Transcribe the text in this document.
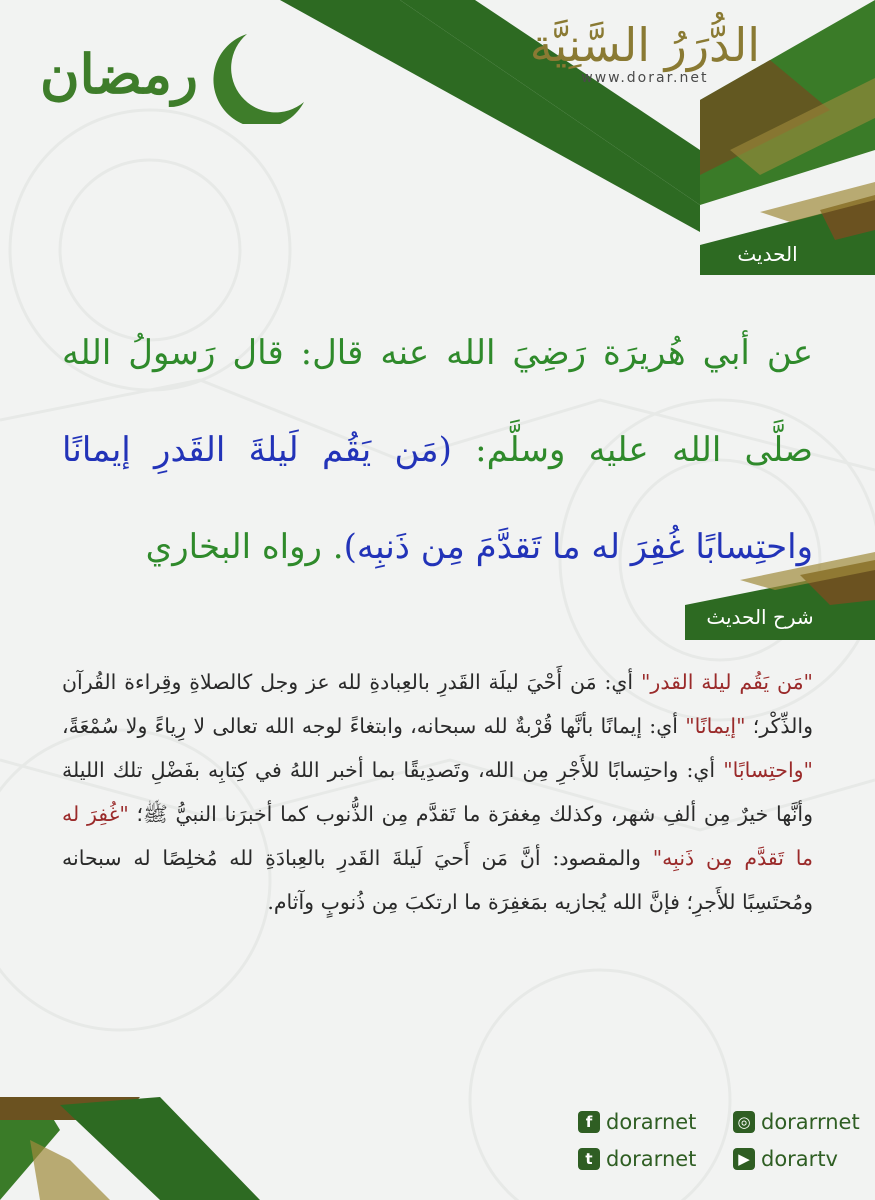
الدُّرَرُ السَّنِيَّة
www.dorar.net
رمضان
الحديث
شرح الحديث
عن أبي هُريرَة رَضِيَ الله عنه قال: قال رَسولُ الله صلَّى الله عليه وسلَّم: (مَن يَقُم لَيلةَ القَدرِ إيمانًا واحتِسابًا غُفِرَ له ما تَقدَّمَ مِن ذَنبِه). رواه البخاري
"مَن يَقُم ليلة القدر" أي: مَن أَحْيَ ليلَة القَدرِ بالعِبادةِ لله عز وجل كالصلاةِ وقِراءة القُرآن والذِّكْر؛ "إيمانًا" أي: إيمانًا بأنَّها قُرْبةٌ لله سبحانه، وابتغاءً لوجه الله تعالى لا رِياءً ولا سُمْعَةً، "واحتِسابًا" أي: واحتِسابًا للأَجْرِ مِن الله، وتَصدِيقًا بما أخبر اللهُ في كِتابِه بفَضْلِ تلك الليلة وأنَّها خيرٌ مِن ألفِ شهر، وكذلك مِغفرَة ما تَقدَّم مِن الذُّنوب كما أخبرَنا النبيُّ ﷺ؛ "غُفِرَ له ما تَقدَّم مِن ذَنبِه" والمقصود: أنَّ مَن أَحيَ لَيلةَ القَدرِ بالعِبادَةِ لله مُخلِصًا له سبحانه ومُحتَسِبًا للأَجرِ؛ فإنَّ الله يُجازيه بمَغفِرَة ما ارتكبَ مِن ذُنوبٍ وآثام.
f dorarnet	◎ dorarrnet
t dorarnet	▶ dorartv
